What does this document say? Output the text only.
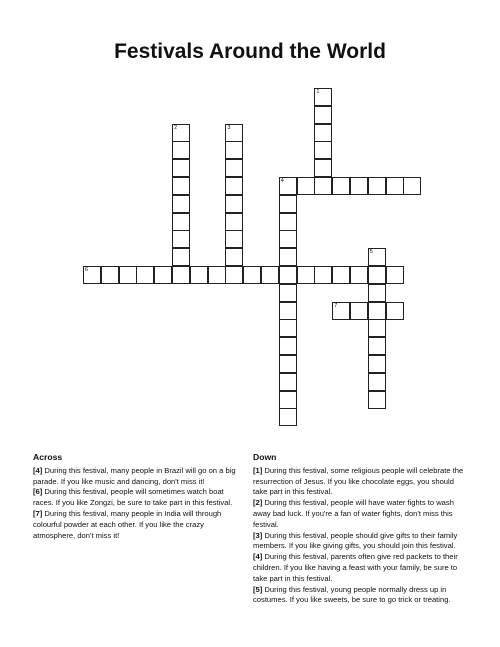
Festivals Around the World
1
2	3
4
5
6
7
Across

[4] During this festival, many people in Brazil will go on a big parade. If you like music and dancing, don't miss it!

[6] During this festival, people will sometimes watch boat races. If you like Zongzi, be sure to take part in this festival.

[7] During this festival, many people in India will through colourful powder at each other. If you like the crazy atmosphere, don't miss it!

Down

[1] During this festival, some religious people will celebrate the resurrection of Jesus. If you like chocolate eggs, you should take part in this festival.

[2] During this festival, people will have water fights to wash away bad luck. If you're a fan of water fights, don't miss this festival.

[3] During this festival, people should give gifts to their family members. If you like giving gifts, you should join this festival.

[4] During this festival, parents often give red packets to their children. If you like having a feast with your family, be sure to take part in this festival.

[5] During this festival, young people normally dress up in costumes. If you like sweets, be sure to go trick or treating.
